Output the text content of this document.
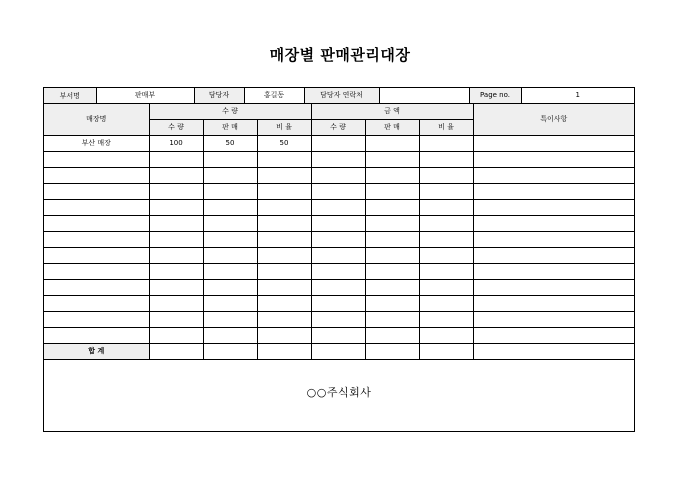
매장별 판매관리대장
부서명	판매부	담당자	홍길동	담당자 연락처		Page no.	1

매장명	수 량	금 액	특이사항
수 량	판 매	비 율	수 량	판 매	비 율
부산 매장	100	50	50				

합 계							
○○주식회사
